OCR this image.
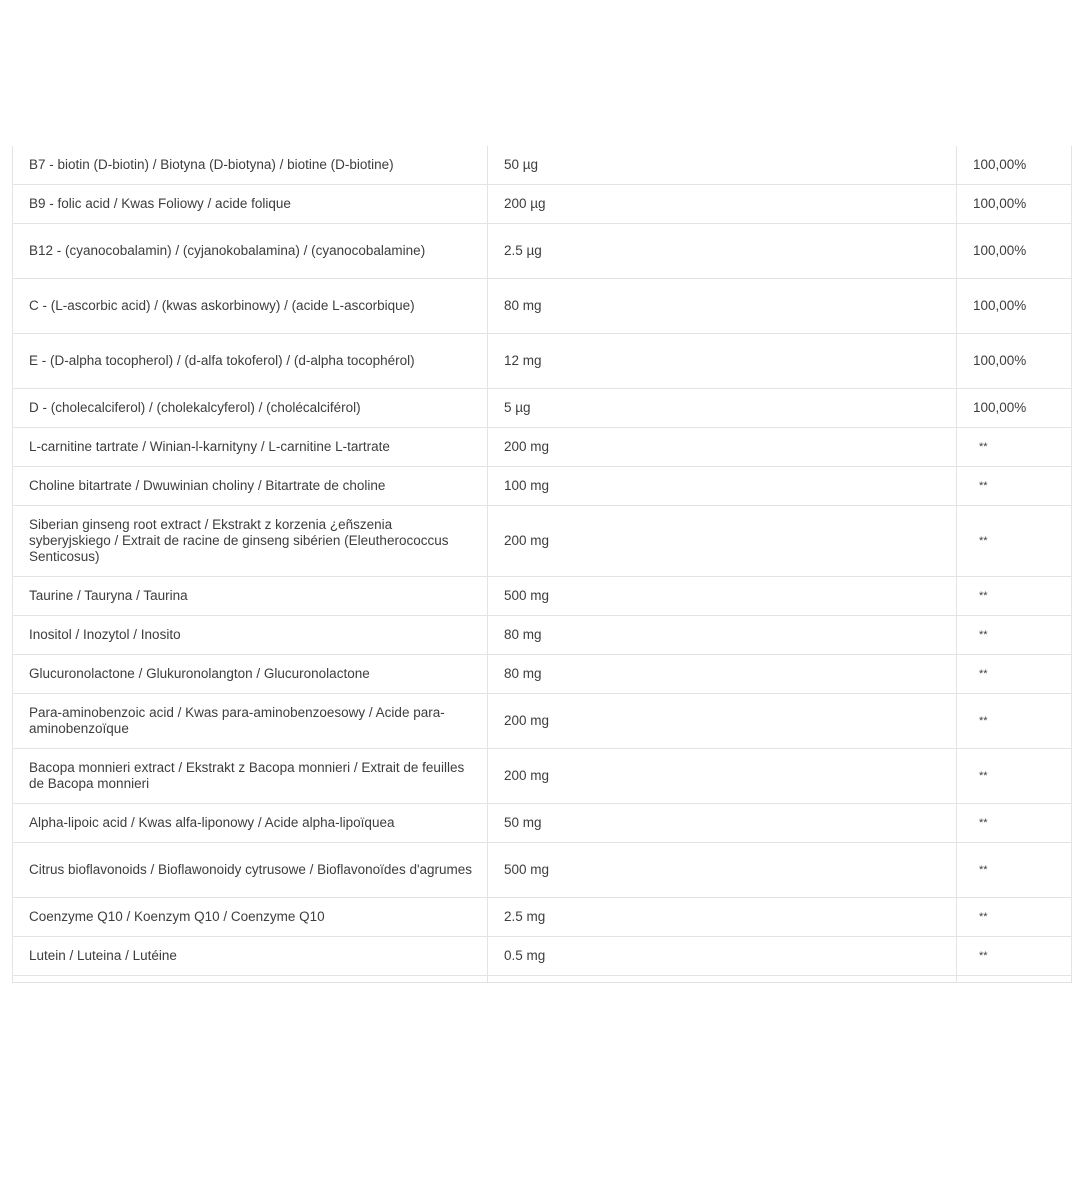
B7 - biotin (D-biotin) / Biotyna (D-biotyna) / biotine (D-biotine)	50 µg	100,00%
B9 - folic acid / Kwas Foliowy / acide folique	200 µg	100,00%
B12 - (cyanocobalamin) / (cyjanokobalamina) / (cyanocobalamine)	2.5 µg	100,00%
C - (L-ascorbic acid) / (kwas askorbinowy) / (acide L-ascorbique)	80 mg	100,00%
E - (D-alpha tocopherol) / (d-alfa tokoferol) / (d-alpha tocophérol)	12 mg	100,00%
D - (cholecalciferol) / (cholekalcyferol) / (cholécalciférol)	5 µg	100,00%
L-carnitine tartrate / Winian-l-karnityny / L-carnitine L-tartrate	200 mg	**
Choline bitartrate / Dwuwinian choliny / Bitartrate de choline	100 mg	**
Siberian ginseng root extract / Ekstrakt z korzenia ¿eñszenia syberyjskiego / Extrait de racine de ginseng sibérien (Eleutherococcus Senticosus)	200 mg	**
Taurine / Tauryna / Taurina	500 mg	**
Inositol / Inozytol / Inosito	80 mg	**
Glucuronolactone / Glukuronolangton / Glucuronolactone	80 mg	**
Para-aminobenzoic acid / Kwas para-aminobenzoesowy / Acide para-aminobenzoïque	200 mg	**
Bacopa monnieri extract / Ekstrakt z Bacopa monnieri / Extrait de feuilles de Bacopa monnieri	200 mg	**
Alpha-lipoic acid / Kwas alfa-liponowy / Acide alpha-lipoïquea	50 mg	**
Citrus bioflavonoids / Bioflawonoidy cytrusowe / Bioflavonoïdes d'agrumes	500 mg	**
Coenzyme Q10 / Koenzym Q10 / Coenzyme Q10	2.5 mg	**
Lutein / Luteina / Lutéine	0.5 mg	**
